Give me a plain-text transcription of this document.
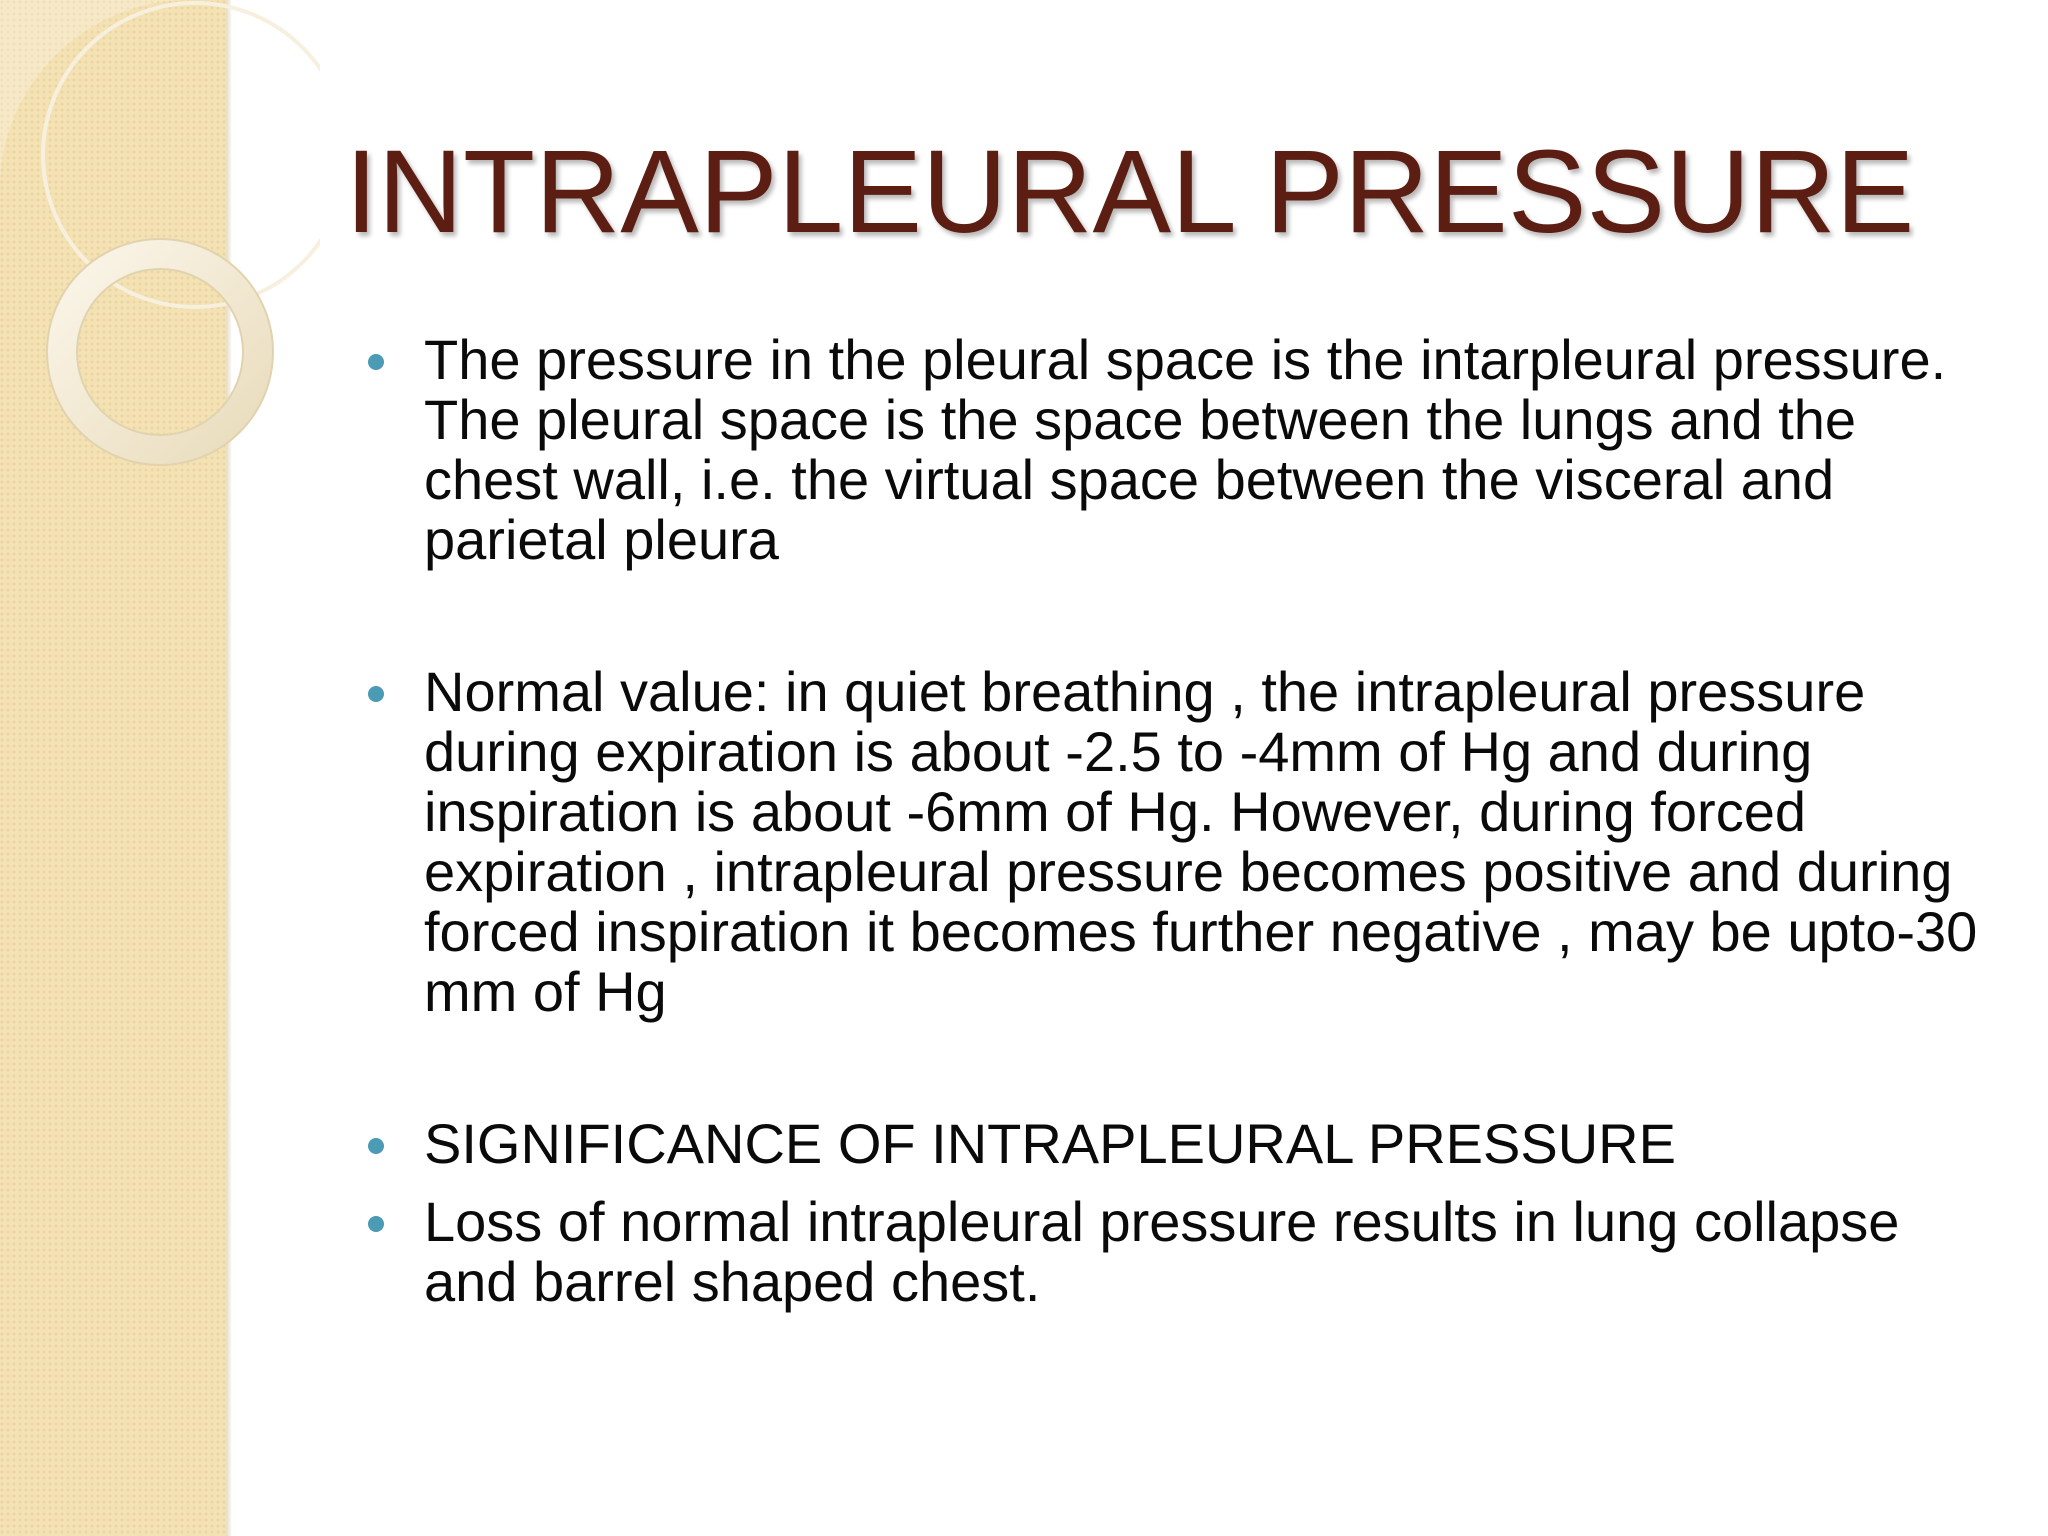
INTRAPLEURAL PRESSURE
The pressure in the pleural space is the intarpleural pressure. The pleural space is the space between the lungs and the chest wall, i.e. the virtual space between the visceral and parietal pleura
Normal value: in quiet breathing , the intrapleural pressure during expiration is about -2.5 to -4mm of Hg and during inspiration is about -6mm of Hg. However, during forced expiration , intrapleural pressure becomes positive and during forced inspiration it becomes further negative , may be upto-30 mm of Hg
SIGNIFICANCE OF INTRAPLEURAL PRESSURE
Loss of normal intrapleural pressure results in lung collapse and barrel shaped chest.
